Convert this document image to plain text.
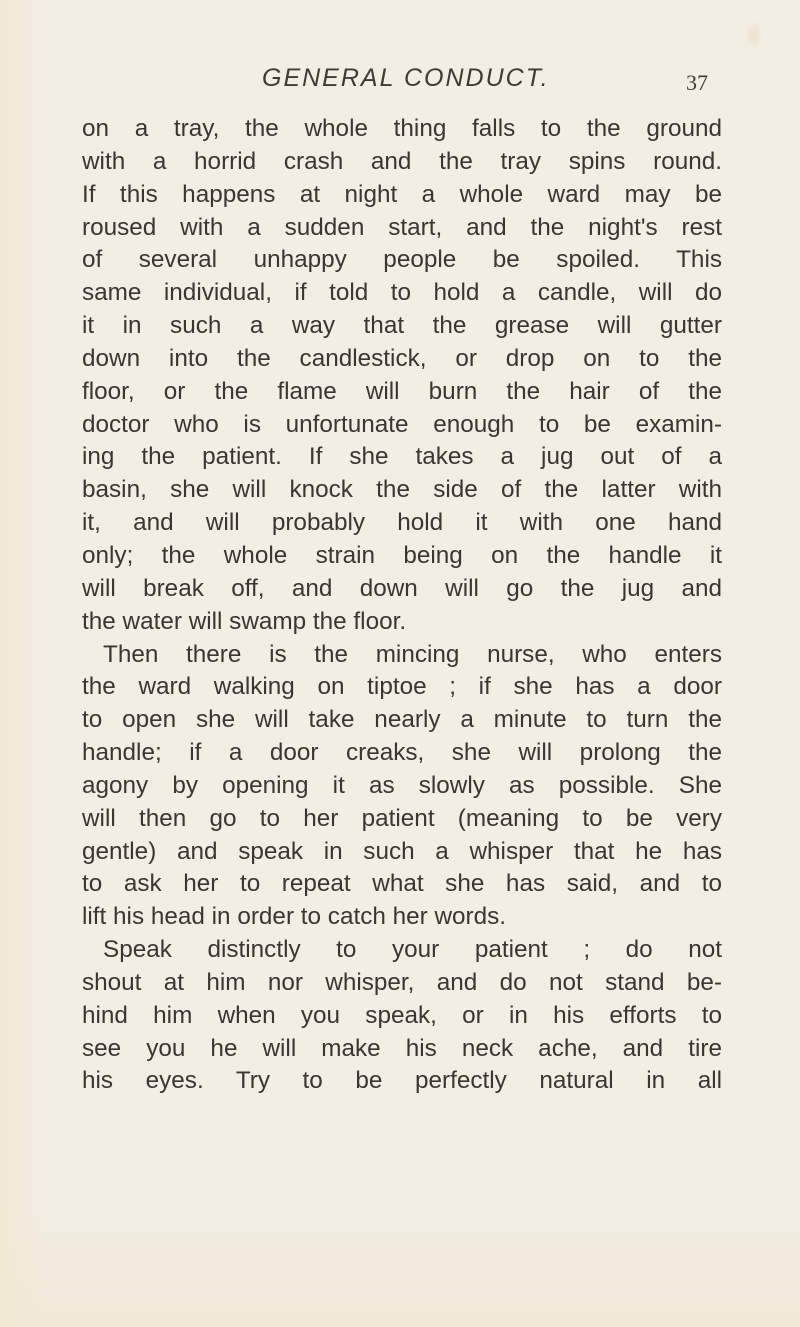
GENERAL CONDUCT.	37
on a tray, the whole thing falls to the ground
with a horrid crash and the tray spins round.
If this happens at night a whole ward may be
roused with a sudden start, and the night's rest
of several unhappy people be spoiled. This
same individual, if told to hold a candle, will do
it in such a way that the grease will gutter
down into the candlestick, or drop on to the
floor, or the flame will burn the hair of the
doctor who is unfortunate enough to be examin-
ing the patient. If she takes a jug out of a
basin, she will knock the side of the latter with
it, and will probably hold it with one hand
only; the whole strain being on the handle it
will break off, and down will go the jug and
the water will swamp the floor.
Then there is the mincing nurse, who enters
the ward walking on tiptoe ; if she has a door
to open she will take nearly a minute to turn the
handle; if a door creaks, she will prolong the
agony by opening it as slowly as possible. She
will then go to her patient (meaning to be very
gentle) and speak in such a whisper that he has
to ask her to repeat what she has said, and to
lift his head in order to catch her words.
Speak distinctly to your patient ; do not
shout at him nor whisper, and do not stand be-
hind him when you speak, or in his efforts to
see you he will make his neck ache, and tire
his eyes. Try to be perfectly natural in all
